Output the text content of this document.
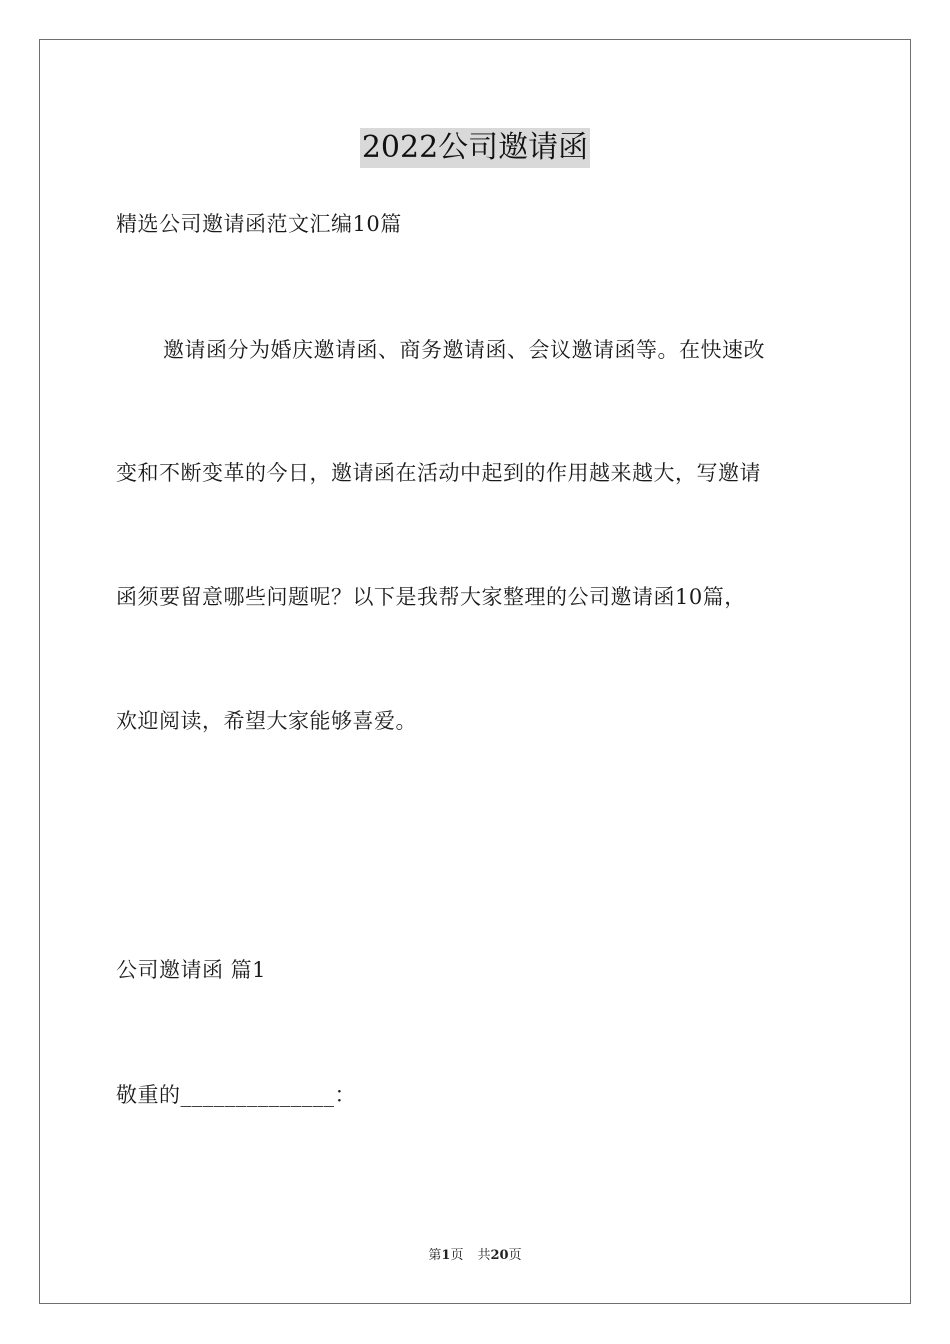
2022公司邀请函
精选公司邀请函范文汇编10篇
邀请函分为婚庆邀请函、商务邀请函、会议邀请函等。在快速改
变和不断变革的今日，邀请函在活动中起到的作用越来越大，写邀请
函须要留意哪些问题呢？以下是我帮大家整理的公司邀请函10篇，
欢迎阅读，希望大家能够喜爱。
公司邀请函 篇1
敬重的______________：
第1页 共20页
